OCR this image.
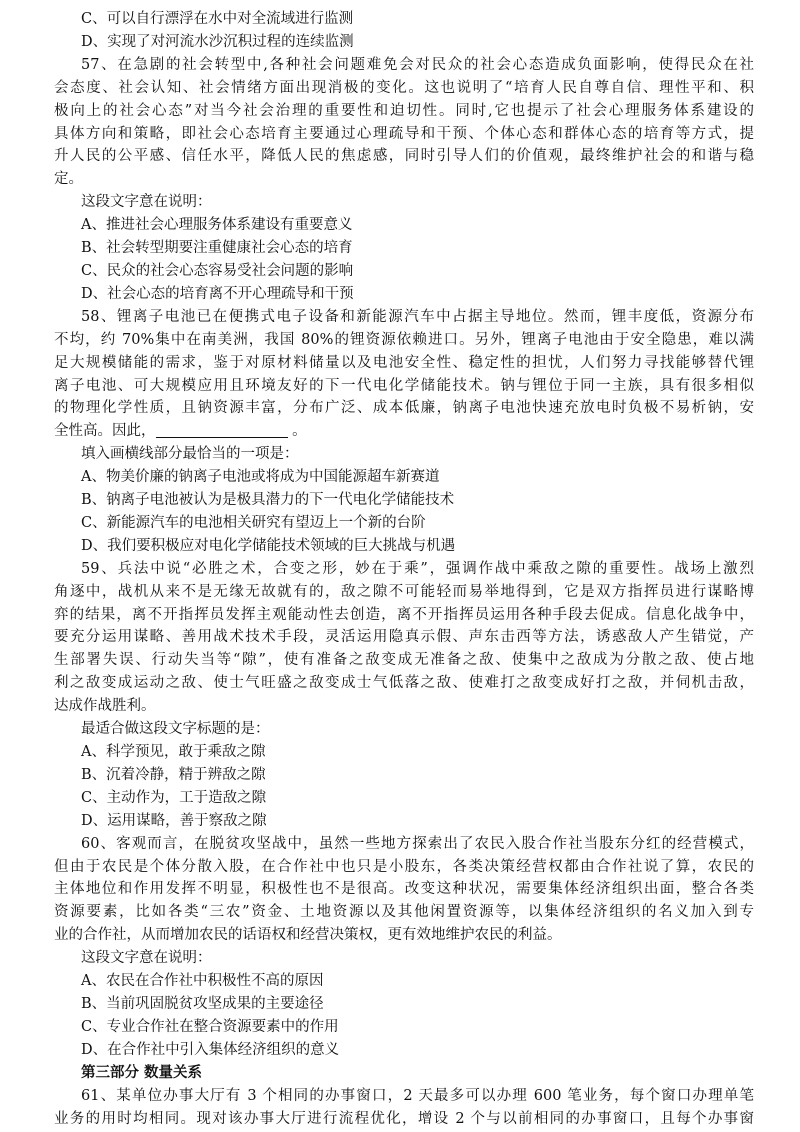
C、可以自行漂浮在水中对全流域进行监测
D、实现了对河流水沙沉积过程的连续监测
57、在急剧的社会转型中,各种社会问题难免会对民众的社会心态造成负面影响，使得民众在社
会态度、社会认知、社会情绪方面出现消极的变化。这也说明了“培育人民自尊自信、理性平和、积
极向上的社会心态”对当今社会治理的重要性和迫切性。同时,它也提示了社会心理服务体系建设的
具体方向和策略，即社会心态培育主要通过心理疏导和干预、个体心态和群体心态的培育等方式，提
升人民的公平感、信任水平，降低人民的焦虑感，同时引导人们的价值观，最终维护社会的和谐与稳
定。
这段文字意在说明：
A、推进社会心理服务体系建设有重要意义
B、社会转型期要注重健康社会心态的培育
C、民众的社会心态容易受社会问题的影响
D、社会心态的培育离不开心理疏导和干预
58、锂离子电池已在便携式电子设备和新能源汽车中占据主导地位。然而，锂丰度低，资源分布
不均，约 70%集中在南美洲，我国 80%的锂资源依赖进口。另外，锂离子电池由于安全隐患，难以满
足大规模储能的需求，鉴于对原材料储量以及电池安全性、稳定性的担忧，人们努力寻找能够替代锂
离子电池、可大规模应用且环境友好的下一代电化学储能技术。钠与锂位于同一主族，具有很多相似
的物理化学性质，且钠资源丰富，分布广泛、成本低廉，钠离子电池快速充放电时负极不易析钠，安
全性高。因此，	。
填入画横线部分最恰当的一项是：
A、物美价廉的钠离子电池或将成为中国能源超车新赛道
B、钠离子电池被认为是极具潜力的下一代电化学储能技术
C、新能源汽车的电池相关研究有望迈上一个新的台阶
D、我们要积极应对电化学储能技术领域的巨大挑战与机遇
59、兵法中说“必胜之术，合变之形，妙在于乘”，强调作战中乘敌之隙的重要性。战场上激烈
角逐中，战机从来不是无缘无故就有的，敌之隙不可能轻而易举地得到，它是双方指挥员进行谋略博
弈的结果，离不开指挥员发挥主观能动性去创造，离不开指挥员运用各种手段去促成。信息化战争中，
要充分运用谋略、善用战术技术手段，灵活运用隐真示假、声东击西等方法，诱惑敌人产生错觉，产
生部署失误、行动失当等“隙”，使有准备之敌变成无准备之敌、使集中之敌成为分散之敌、使占地
利之敌变成运动之敌、使士气旺盛之敌变成士气低落之敌、使难打之敌变成好打之敌，并伺机击敌，
达成作战胜利。
最适合做这段文字标题的是：
A、科学预见，敢于乘敌之隙
B、沉着冷静，精于辨敌之隙
C、主动作为，工于造敌之隙
D、运用谋略，善于察敌之隙
60、客观而言，在脱贫攻坚战中，虽然一些地方探索出了农民入股合作社当股东分红的经营模式，
但由于农民是个体分散入股，在合作社中也只是小股东，各类决策经营权都由合作社说了算，农民的
主体地位和作用发挥不明显，积极性也不是很高。改变这种状况，需要集体经济组织出面，整合各类
资源要素，比如各类“三农”资金、土地资源以及其他闲置资源等，以集体经济组织的名义加入到专
业的合作社，从而增加农民的话语权和经营决策权，更有效地维护农民的利益。
这段文字意在说明：
A、农民在合作社中积极性不高的原因
B、当前巩固脱贫攻坚成果的主要途径
C、专业合作社在整合资源要素中的作用
D、在合作社中引入集体经济组织的意义
第三部分 数量关系
61、某单位办事大厅有 3 个相同的办事窗口，2 天最多可以办理 600 笔业务，每个窗口办理单笔
业务的用时均相同。现对该办事大厅进行流程优化，增设 2 个与以前相同的办事窗口，且每个办事窗
